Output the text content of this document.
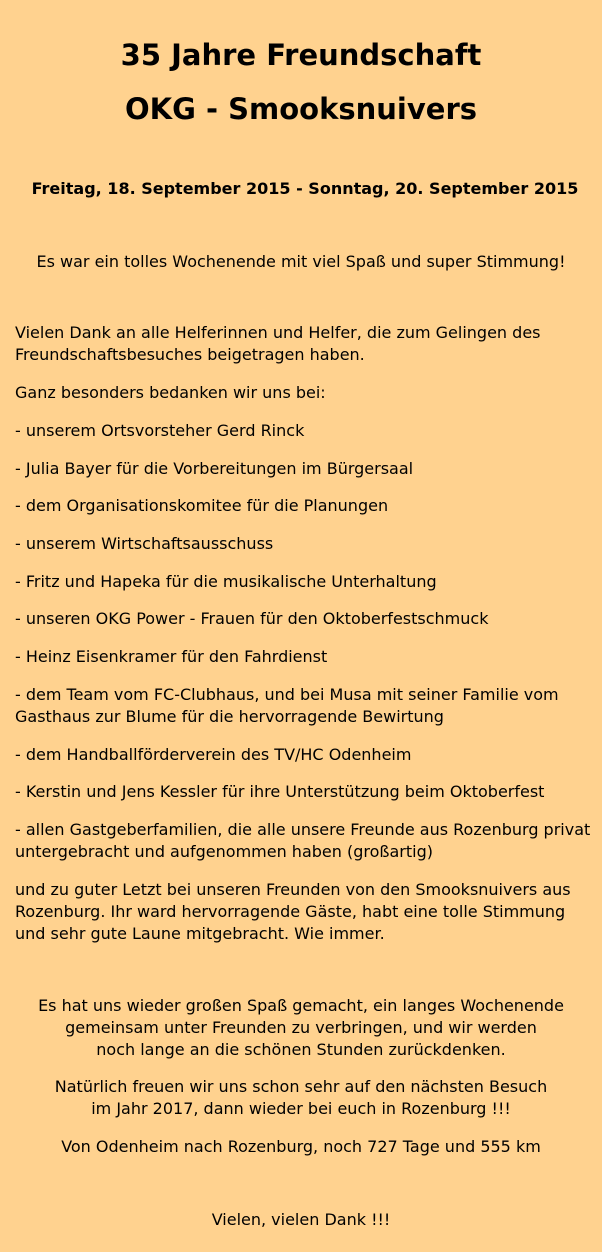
35 Jahre Freundschaft
OKG - Smooksnuivers

Freitag, 18. September 2015 - Sonntag, 20. September 2015

Es war ein tolles Wochenende mit viel Spaß und super Stimmung!

Vielen Dank an alle Helferinnen und Helfer, die zum Gelingen des
Freundschaftsbesuches beigetragen haben.

Ganz besonders bedanken wir uns bei:

- unserem Ortsvorsteher Gerd Rinck

- Julia Bayer für die Vorbereitungen im Bürgersaal

- dem Organisationskomitee für die Planungen

- unserem Wirtschaftsausschuss

- Fritz und Hapeka für die musikalische Unterhaltung

- unseren OKG Power - Frauen für den Oktoberfestschmuck

- Heinz Eisenkramer für den Fahrdienst

- dem Team vom FC-Clubhaus, und bei Musa mit seiner Familie vom
Gasthaus zur Blume für die hervorragende Bewirtung

- dem Handballförderverein des TV/HC Odenheim

- Kerstin und Jens Kessler für ihre Unterstützung beim Oktoberfest

- allen Gastgeberfamilien, die alle unsere Freunde aus Rozenburg privat
untergebracht und aufgenommen haben (großartig)

und zu guter Letzt bei unseren Freunden von den Smooksnuivers aus
Rozenburg. Ihr ward hervorragende Gäste, habt eine tolle Stimmung
und sehr gute Laune mitgebracht. Wie immer.

Es hat uns wieder großen Spaß gemacht, ein langes Wochenende
gemeinsam unter Freunden zu verbringen, und wir werden
noch lange an die schönen Stunden zurückdenken.

Natürlich freuen wir uns schon sehr auf den nächsten Besuch
im Jahr 2017, dann wieder bei euch in Rozenburg !!!

Von Odenheim nach Rozenburg, noch 727 Tage und 555 km

Vielen, vielen Dank !!!
